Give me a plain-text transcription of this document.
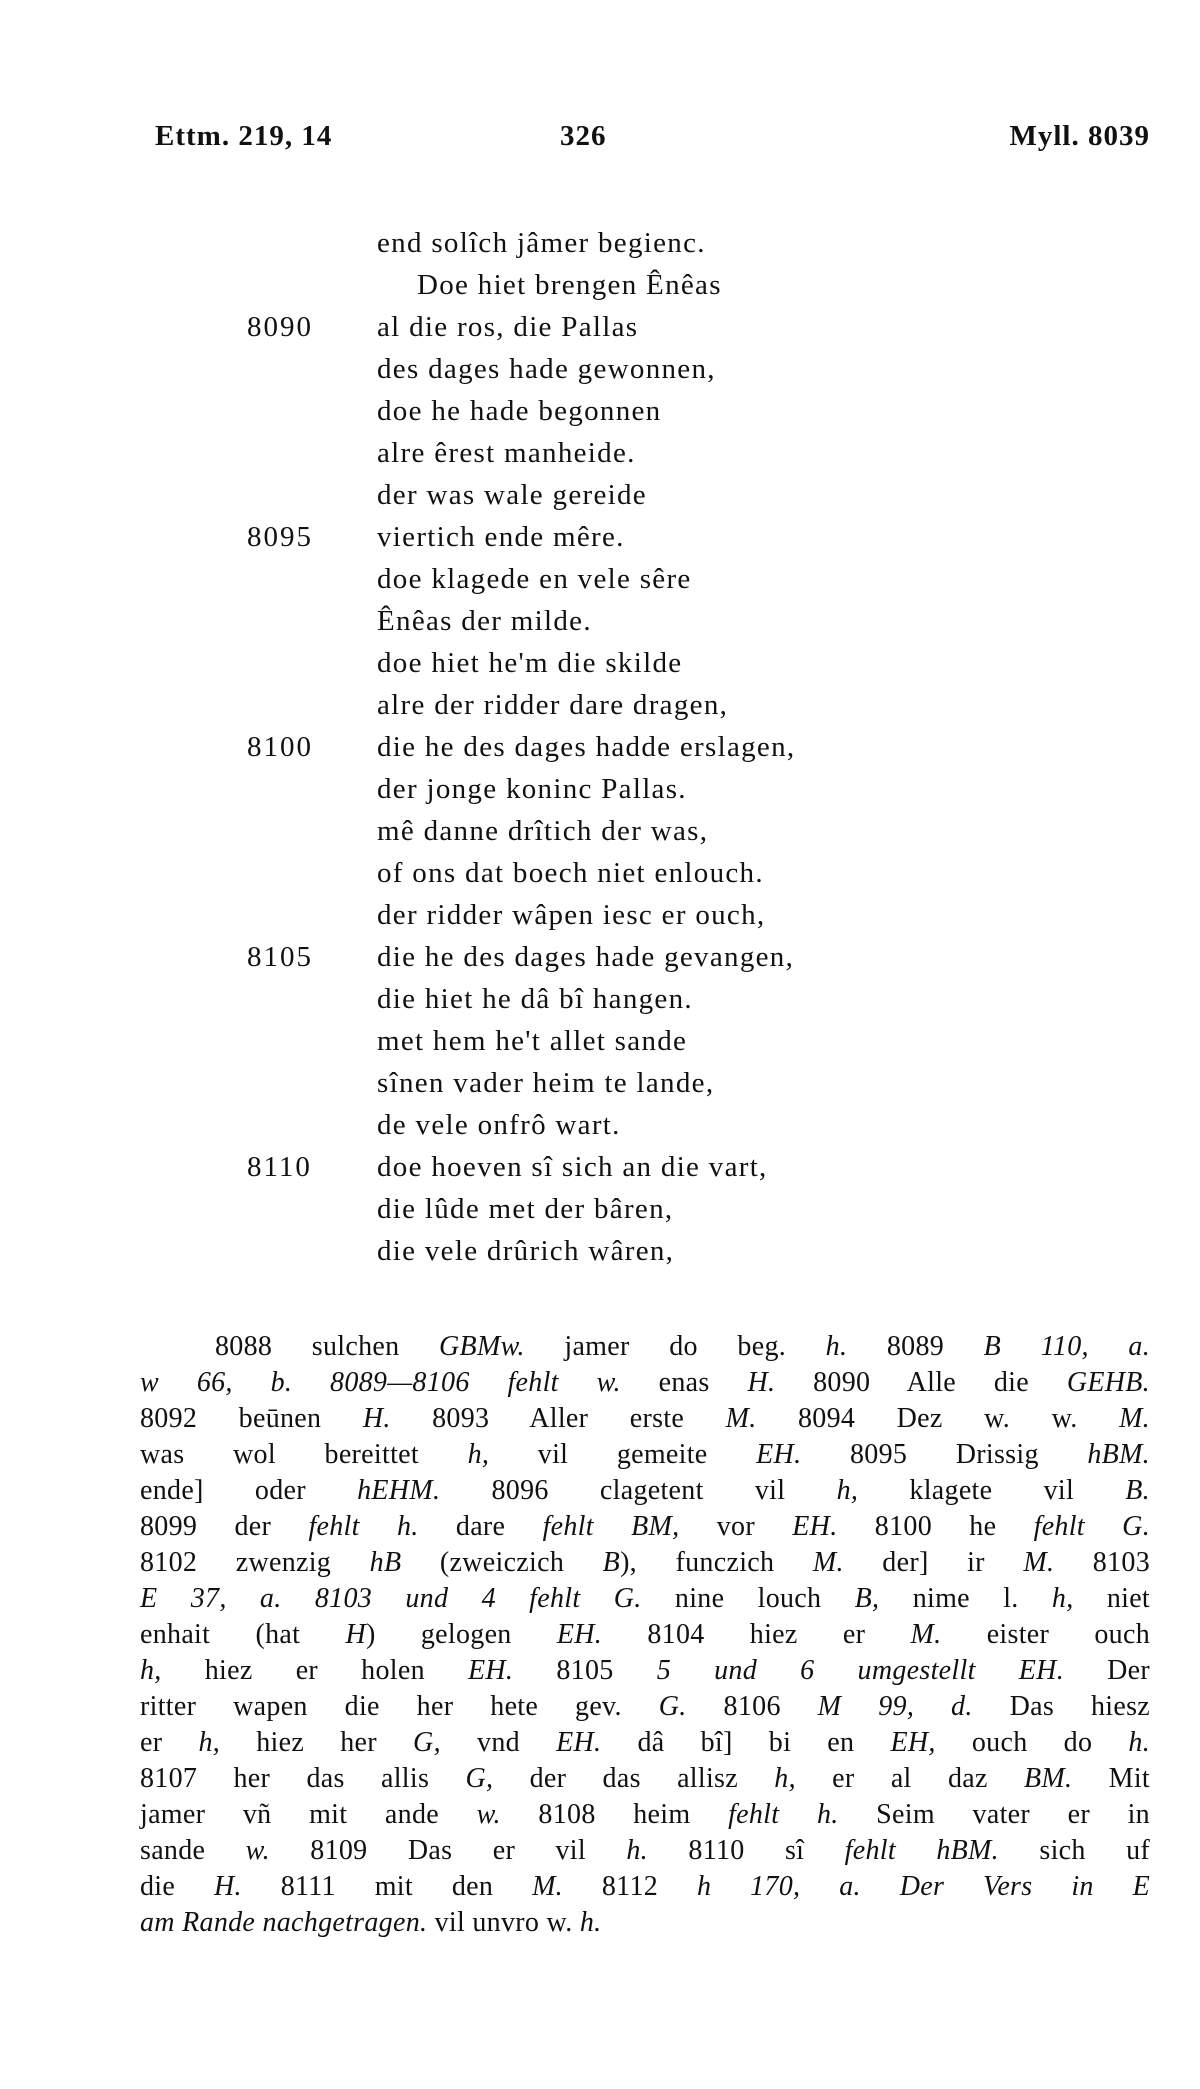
Ettm. 219, 14	326	Myll. 8039
end solîch jâmer begienc.
Doe hiet brengen Ênêas
8090 al die ros, die Pallas
des dages hade gewonnen,
doe he hade begonnen
alre êrest manheide.
der was wale gereide
8095 viertich ende mêre.
doe klagede en vele sêre
Ênêas der milde.
doe hiet he'm die skilde
alre der ridder dare dragen,
8100 die he des dages hadde erslagen,
der jonge koninc Pallas.
mê danne drîtich der was,
of ons dat boech niet enlouch.
der ridder wâpen iesc er ouch,
8105 die he des dages hade gevangen,
die hiet he dâ bî hangen.
met hem he't allet sande
sînen vader heim te lande,
de vele onfrô wart.
8110 doe hoeven sî sich an die vart,
die lûde met der bâren,
die vele drûrich wâren,
8088 sulchen GBMw. jamer do beg. h. 8089 B 110, a.
w 66, b. 8089—8106 fehlt w. enas H. 8090 Alle die GEHB.
8092 beūnen H. 8093 Aller erste M. 8094 Dez w. w. M.
was wol bereittet h, vil gemeite EH. 8095 Drissig hBM.
ende] oder hEHM. 8096 clagetent vil h, klagete vil B.
8099 der fehlt h. dare fehlt BM, vor EH. 8100 he fehlt G.
8102 zwenzig hB (zweiczich B), funczich M. der] ir M. 8103
E 37, a. 8103 und 4 fehlt G. nine louch B, nime l. h, niet
enhait (hat H) gelogen EH. 8104 hiez er M. eister ouch
h, hiez er holen EH. 8105 5 und 6 umgestellt EH. Der
ritter wapen die her hete gev. G. 8106 M 99, d. Das hiesz
er h, hiez her G, vnd EH. dâ bî] bi en EH, ouch do h.
8107 her das allis G, der das allisz h, er al daz BM. Mit
jamer vñ mit ande w. 8108 heim fehlt h. Seim vater er in
sande w. 8109 Das er vil h. 8110 sî fehlt hBM. sich uf
die H. 8111 mit den M. 8112 h 170, a. Der Vers in E
am Rande nachgetragen. vil unvro w. h.
